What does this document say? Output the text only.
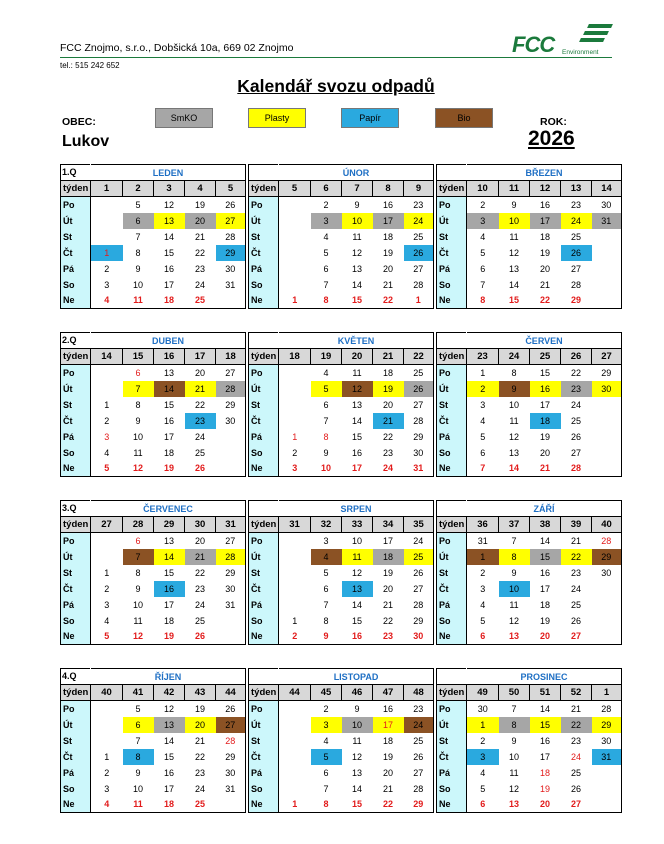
FCC Znojmo, s.r.o., Dobšická 10a, 669 02 Znojmo
tel.: 515 242 652
FCC Environment
Kalendář svozu odpadů
OBEC:
Lukov
ROK:
2026
SmKO	Plasty	Papír	Bio
1.Q
		LEDEN				
týden	1	2	3	4	5
Po		5	12	19	26
Út		6	13	20	27
St		7	14	21	28
Čt	1	8	15	22	29
Pá	2	9	16	23	30
So	3	10	17	24	31
Ne	4	11	18	25	
	ÚNOR				
týden	5	6	7	8	9
Po		2	9	16	23
Út		3	10	17	24
St		4	11	18	25
Čt		5	12	19	26
Pá		6	13	20	27
So		7	14	21	28
Ne	1	8	15	22	1
	BŘEZEN				
týden	10	11	12	13	14
Po	2	9	16	23	30
Út	3	10	17	24	31
St	4	11	18	25	
Čt	5	12	19	26	
Pá	6	13	20	27	
So	7	14	21	28	
Ne	8	15	22	29	
2.Q
		DUBEN				
týden	14	15	16	17	18
Po		6	13	20	27
Út		7	14	21	28
St	1	8	15	22	29
Čt	2	9	16	23	30
Pá	3	10	17	24	
So	4	11	18	25	
Ne	5	12	19	26	
	KVĚTEN				
týden	18	19	20	21	22
Po		4	11	18	25
Út		5	12	19	26
St		6	13	20	27
Čt		7	14	21	28
Pá	1	8	15	22	29
So	2	9	16	23	30
Ne	3	10	17	24	31
	ČERVEN				
týden	23	24	25	26	27
Po	1	8	15	22	29
Út	2	9	16	23	30
St	3	10	17	24	
Čt	4	11	18	25	
Pá	5	12	19	26	
So	6	13	20	27	
Ne	7	14	21	28	
3.Q
		ČERVENEC				
týden	27	28	29	30	31
Po		6	13	20	27
Út		7	14	21	28
St	1	8	15	22	29
Čt	2	9	16	23	30
Pá	3	10	17	24	31
So	4	11	18	25	
Ne	5	12	19	26	
	SRPEN				
týden	31	32	33	34	35
Po		3	10	17	24
Út		4	11	18	25
St		5	12	19	26
Čt		6	13	20	27
Pá		7	14	21	28
So	1	8	15	22	29
Ne	2	9	16	23	30
	ZÁŘÍ				
týden	36	37	38	39	40
Po	31	7	14	21	28
Út	1	8	15	22	29
St	2	9	16	23	30
Čt	3	10	17	24	
Pá	4	11	18	25	
So	5	12	19	26	
Ne	6	13	20	27	
4.Q
		ŘÍJEN				
týden	40	41	42	43	44
Po		5	12	19	26
Út		6	13	20	27
St		7	14	21	28
Čt	1	8	15	22	29
Pá	2	9	16	23	30
So	3	10	17	24	31
Ne	4	11	18	25	
	LISTOPAD				
týden	44	45	46	47	48
Po		2	9	16	23
Út		3	10	17	24
St		4	11	18	25
Čt		5	12	19	26
Pá		6	13	20	27
So		7	14	21	28
Ne	1	8	15	22	29
	PROSINEC				
týden	49	50	51	52	1
Po	30	7	14	21	28
Út	1	8	15	22	29
St	2	9	16	23	30
Čt	3	10	17	24	31
Pá	4	11	18	25	
So	5	12	19	26	
Ne	6	13	20	27	
